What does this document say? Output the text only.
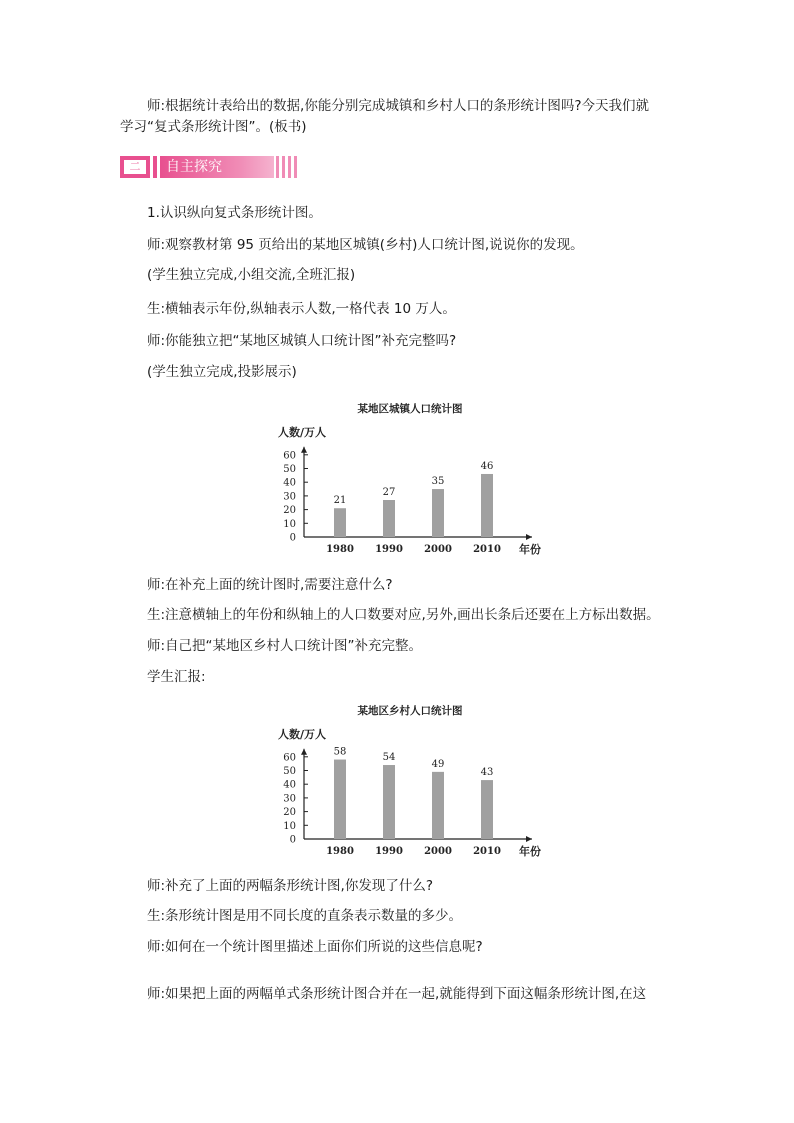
师:根据统计表给出的数据,你能分别完成城镇和乡村人口的条形统计图吗?今天我们就
学习“复式条形统计图”。(板书)
二	自主探究
1.认识纵向复式条形统计图。
师:观察教材第 95 页给出的某地区城镇(乡村)人口统计图,说说你的发现。
(学生独立完成,小组交流,全班汇报)
生:横轴表示年份,纵轴表示人数,一格代表 10 万人。
师:你能独立把“某地区城镇人口统计图”补充完整吗?
(学生独立完成,投影展示)
某地区城镇人口统计图
人数/万人
0
10
20
30
40
50
60
21
1980
27
1990
35
2000
46
2010 年份
师:在补充上面的统计图时,需要注意什么?
生:注意横轴上的年份和纵轴上的人口数要对应,另外,画出长条后还要在上方标出数据。
师:自己把“某地区乡村人口统计图”补充完整。
学生汇报:
某地区乡村人口统计图
人数/万人
0
10
20
30
40
50
60
58
1980
54
1990
49
2000
43
2010 年份
师:补充了上面的两幅条形统计图,你发现了什么?
生:条形统计图是用不同长度的直条表示数量的多少。
师:如何在一个统计图里描述上面你们所说的这些信息呢?
师:如果把上面的两幅单式条形统计图合并在一起,就能得到下面这幅条形统计图,在这
